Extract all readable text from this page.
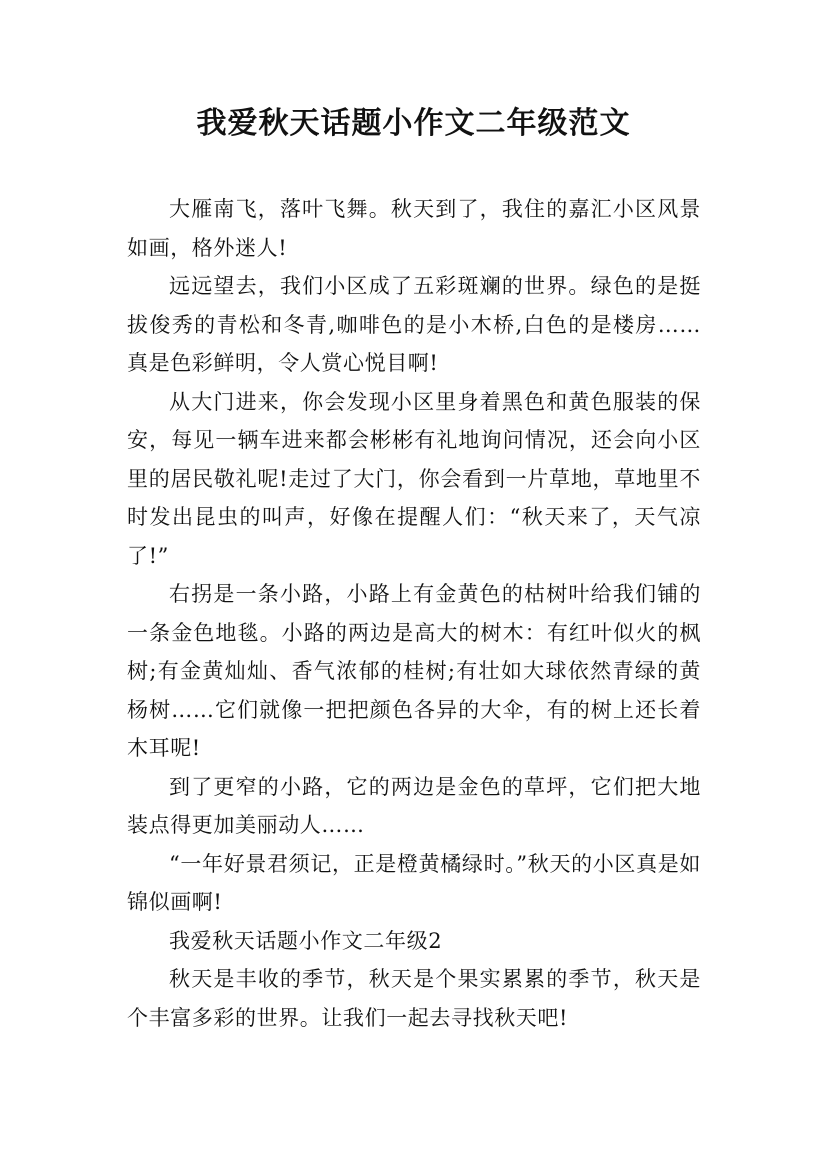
我爱秋天话题小作文二年级范文

大雁南飞，落叶飞舞。秋天到了，我住的嘉汇小区风景如画，格外迷人!

远远望去，我们小区成了五彩斑斓的世界。绿色的是挺拔俊秀的青松和冬青,咖啡色的是小木桥,白色的是楼房……真是色彩鲜明，令人赏心悦目啊!

从大门进来，你会发现小区里身着黑色和黄色服装的保安，每见一辆车进来都会彬彬有礼地询问情况，还会向小区里的居民敬礼呢!走过了大门，你会看到一片草地，草地里不时发出昆虫的叫声，好像在提醒人们：“秋天来了，天气凉了!”

右拐是一条小路，小路上有金黄色的枯树叶给我们铺的一条金色地毯。小路的两边是高大的树木：有红叶似火的枫树;有金黄灿灿、香气浓郁的桂树;有壮如大球依然青绿的黄杨树……它们就像一把把颜色各异的大伞，有的树上还长着木耳呢!

到了更窄的小路，它的两边是金色的草坪，它们把大地装点得更加美丽动人……

“一年好景君须记，正是橙黄橘绿时。”秋天的小区真是如锦似画啊!

我爱秋天话题小作文二年级2

秋天是丰收的季节，秋天是个果实累累的季节，秋天是个丰富多彩的世界。让我们一起去寻找秋天吧!
